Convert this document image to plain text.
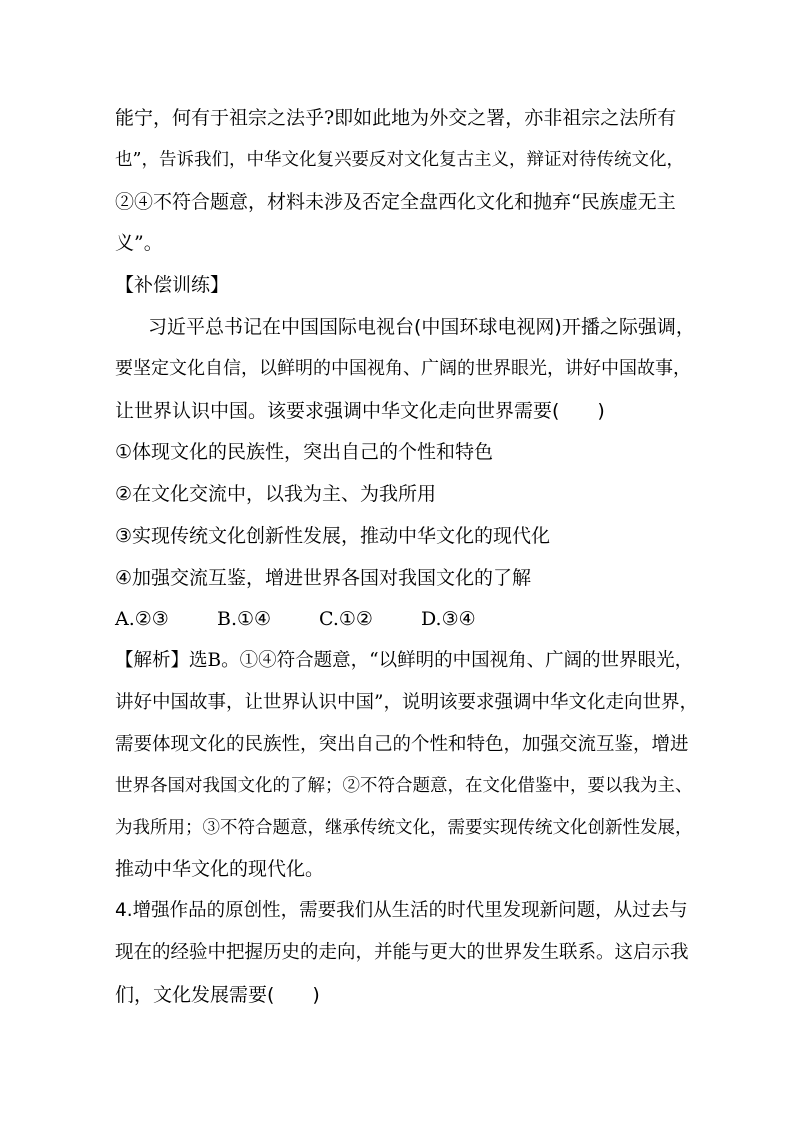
能宁，何有于祖宗之法乎?即如此地为外交之署，亦非祖宗之法所有
也”，告诉我们，中华文化复兴要反对文化复古主义，辩证对待传统文化，
②④不符合题意，材料未涉及否定全盘西化文化和抛弃“民族虚无主
义”。
【补偿训练】
习近平总书记在中国国际电视台(中国环球电视网)开播之际强调，
要坚定文化自信，以鲜明的中国视角、广阔的世界眼光，讲好中国故事，
让世界认识中国。该要求强调中华文化走向世界需要(　　)
①体现文化的民族性，突出自己的个性和特色
②在文化交流中，以我为主、为我所用
③实现传统文化创新性发展，推动中华文化的现代化
④加强交流互鉴，增进世界各国对我国文化的了解
A.②③	B.①④	C.①②	D.③④
【解析】选B。①④符合题意，“以鲜明的中国视角、广阔的世界眼光，
讲好中国故事，让世界认识中国”，说明该要求强调中华文化走向世界，
需要体现文化的民族性，突出自己的个性和特色，加强交流互鉴，增进
世界各国对我国文化的了解；②不符合题意，在文化借鉴中，要以我为主、
为我所用；③不符合题意，继承传统文化，需要实现传统文化创新性发展，
推动中华文化的现代化。
4.增强作品的原创性，需要我们从生活的时代里发现新问题，从过去与
现在的经验中把握历史的走向，并能与更大的世界发生联系。这启示我
们，文化发展需要(　　)
